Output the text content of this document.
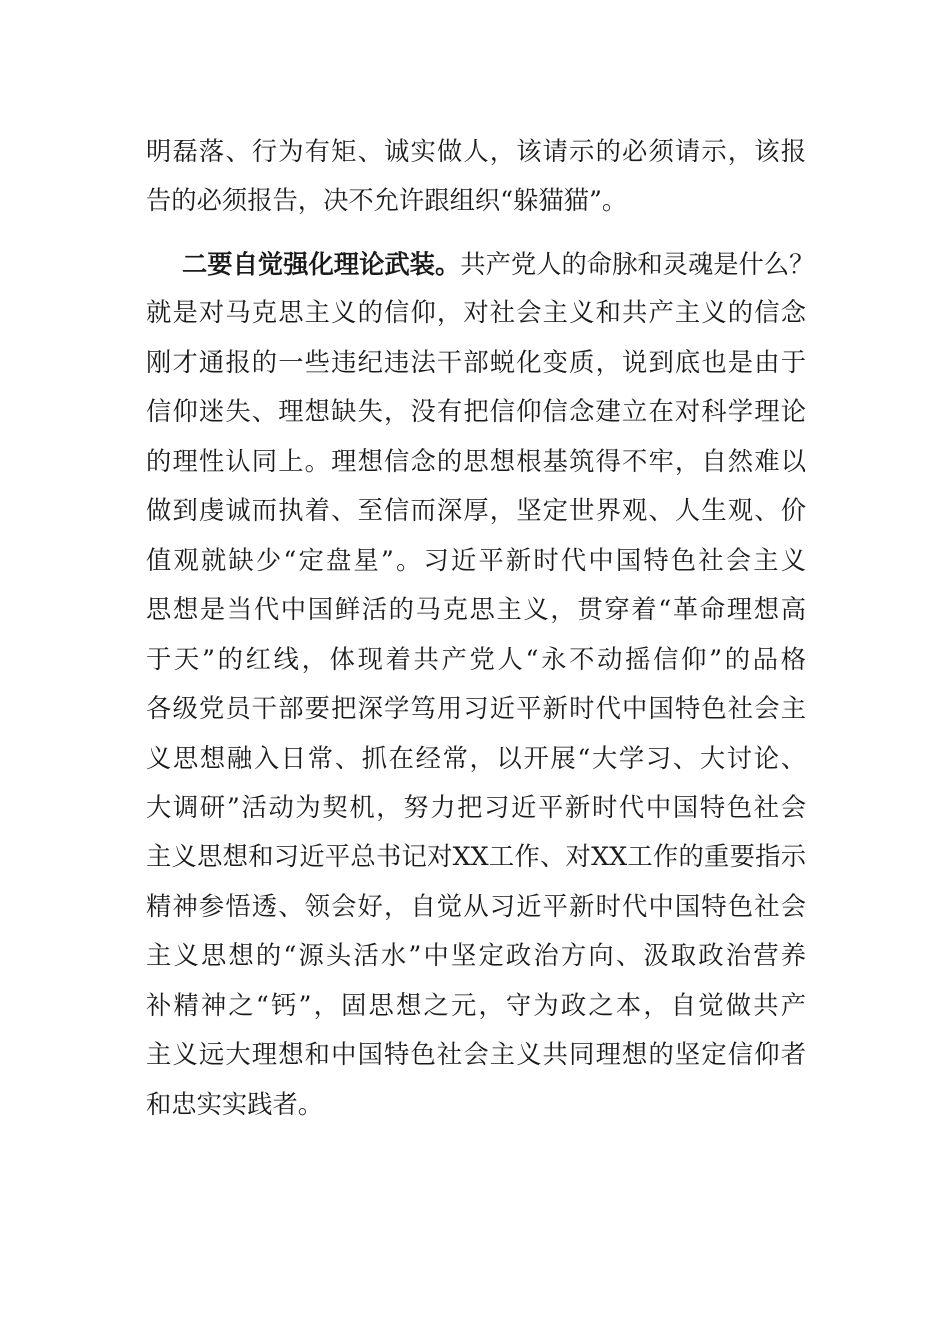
明磊落、行为有矩、诚实做人，该请示的必须请示，该报
告的必须报告，决不允许跟组织“躲猫猫”。
二要自觉强化理论武装。共产党人的命脉和灵魂是什么？
就是对马克思主义的信仰，对社会主义和共产主义的信念
刚才通报的一些违纪违法干部蜕化变质，说到底也是由于
信仰迷失、理想缺失，没有把信仰信念建立在对科学理论
的理性认同上。理想信念的思想根基筑得不牢，自然难以
做到虔诚而执着、至信而深厚，坚定世界观、人生观、价
值观就缺少“定盘星”。习近平新时代中国特色社会主义
思想是当代中国鲜活的马克思主义，贯穿着“革命理想高
于天”的红线，体现着共产党人“永不动摇信仰”的品格
各级党员干部要把深学笃用习近平新时代中国特色社会主
义思想融入日常、抓在经常，以开展“大学习、大讨论、
大调研”活动为契机，努力把习近平新时代中国特色社会
主义思想和习近平总书记对XX工作、对XX工作的重要指示
精神参悟透、领会好，自觉从习近平新时代中国特色社会
主义思想的“源头活水”中坚定政治方向、汲取政治营养
补精神之“钙”，固思想之元，守为政之本，自觉做共产
主义远大理想和中国特色社会主义共同理想的坚定信仰者
和忠实实践者。
